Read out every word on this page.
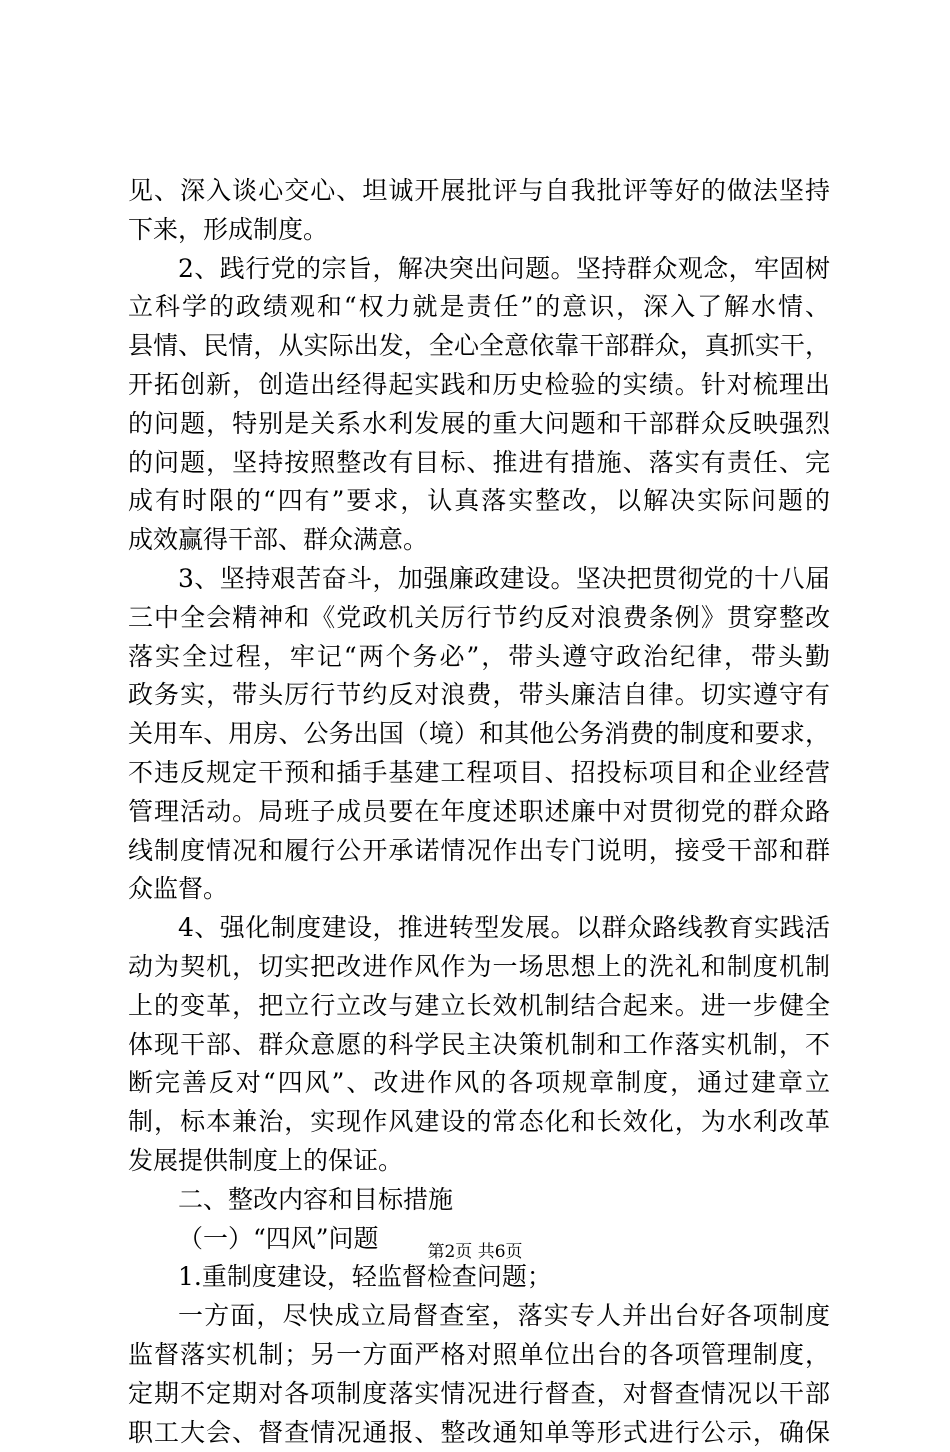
见、深入谈心交心、坦诚开展批评与自我批评等好的做法坚持
下来，形成制度。
2、践行党的宗旨，解决突出问题。坚持群众观念，牢固树
立科学的政绩观和“权力就是责任”的意识，深入了解水情、
县情、民情，从实际出发，全心全意依靠干部群众，真抓实干，
开拓创新，创造出经得起实践和历史检验的实绩。针对梳理出
的问题，特别是关系水利发展的重大问题和干部群众反映强烈
的问题，坚持按照整改有目标、推进有措施、落实有责任、完
成有时限的“四有”要求，认真落实整改，以解决实际问题的
成效赢得干部、群众满意。
3、坚持艰苦奋斗，加强廉政建设。坚决把贯彻党的十八届
三中全会精神和《党政机关厉行节约反对浪费条例》贯穿整改
落实全过程，牢记“两个务必”，带头遵守政治纪律，带头勤
政务实，带头厉行节约反对浪费，带头廉洁自律。切实遵守有
关用车、用房、公务出国（境）和其他公务消费的制度和要求，
不违反规定干预和插手基建工程项目、招投标项目和企业经营
管理活动。局班子成员要在年度述职述廉中对贯彻党的群众路
线制度情况和履行公开承诺情况作出专门说明，接受干部和群
众监督。
4、强化制度建设，推进转型发展。以群众路线教育实践活
动为契机，切实把改进作风作为一场思想上的洗礼和制度机制
上的变革，把立行立改与建立长效机制结合起来。进一步健全
体现干部、群众意愿的科学民主决策机制和工作落实机制，不
断完善反对“四风”、改进作风的各项规章制度，通过建章立
制，标本兼治，实现作风建设的常态化和长效化，为水利改革
发展提供制度上的保证。
二、整改内容和目标措施
（一）“四风”问题
1.重制度建设，轻监督检查问题；
一方面，尽快成立局督查室，落实专人并出台好各项制度
监督落实机制；另一方面严格对照单位出台的各项管理制度，
定期不定期对各项制度落实情况进行督查，对督查情况以干部
职工大会、督查情况通报、整改通知单等形式进行公示，确保
第2页 共6页
